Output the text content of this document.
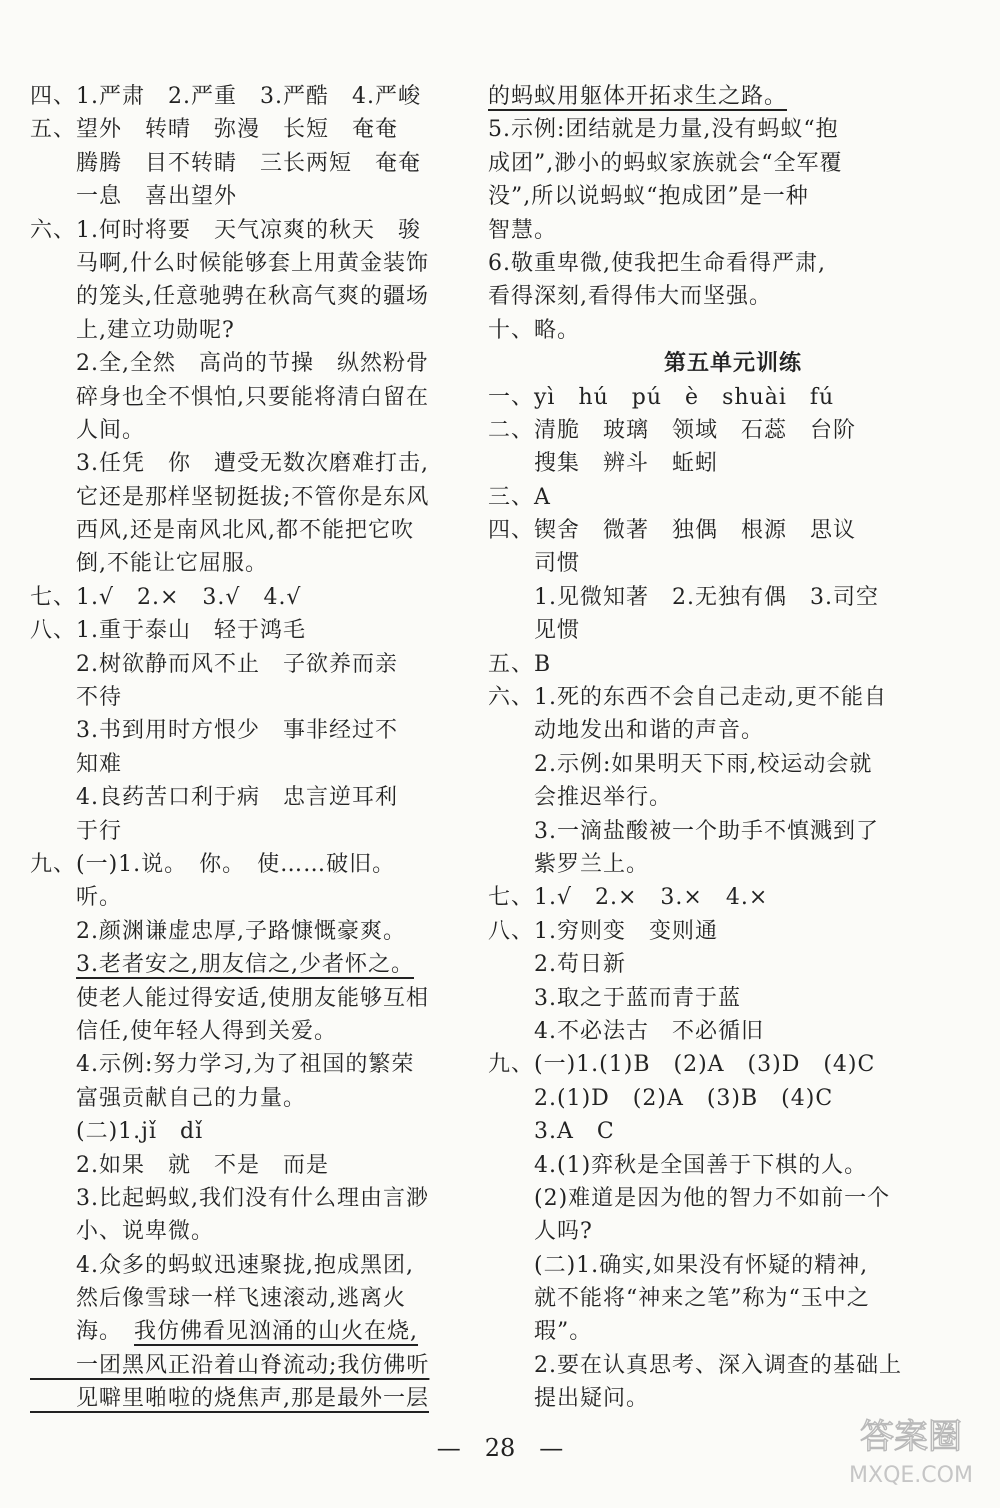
四、1.严肃　2.严重　3.严酷　4.严峻
五、望外　转晴　弥漫　长短　奄奄
　　腾腾　目不转睛　三长两短　奄奄
　　一息　喜出望外
六、1.何时将要　天气凉爽的秋天　骏
　　马啊,什么时候能够套上用黄金装饰
　　的笼头,任意驰骋在秋高气爽的疆场
　　上,建立功勋呢?
　　2.全,全然　高尚的节操　纵然粉骨
　　碎身也全不惧怕,只要能将清白留在
　　人间。
　　3.任凭　你　遭受无数次磨难打击,
　　它还是那样坚韧挺拔;不管你是东风
　　西风,还是南风北风,都不能把它吹
　　倒,不能让它屈服。
七、1.√　2.×　3.√　4.√
八、1.重于泰山　轻于鸿毛
　　2.树欲静而风不止　子欲养而亲
　　不待
　　3.书到用时方恨少　事非经过不
　　知难
　　4.良药苦口利于病　忠言逆耳利
　　于行
九、(一)1.说。　你。　使……破旧。
　　听。
　　2.颜渊谦虚忠厚,子路慷慨豪爽。
　　3.老者安之,朋友信之,少者怀之。
　　使老人能过得安适,使朋友能够互相
　　信任,使年轻人得到关爱。
　　4.示例:努力学习,为了祖国的繁荣
　　富强贡献自己的力量。
　　(二)1.jǐ　dǐ
　　2.如果　就　不是　而是
　　3.比起蚂蚁,我们没有什么理由言渺
　　小、说卑微。
　　4.众多的蚂蚁迅速聚拢,抱成黑团,
　　然后像雪球一样飞速滚动,逃离火
　　海。　我仿佛看见汹涌的山火在烧,
　　一团黑风正沿着山脊流动;我仿佛听
　　见噼里啪啦的烧焦声,那是最外一层
的蚂蚁用躯体开拓求生之路。
5.示例:团结就是力量,没有蚂蚁“抱
成团”,渺小的蚂蚁家族就会“全军覆
没”,所以说蚂蚁“抱成团”是一种
智慧。
6.敬重卑微,使我把生命看得严肃,
看得深刻,看得伟大而坚强。
十、略。
第五单元训练
一、yì　hú　pú　è　shuài　fú
二、清脆　玻璃　领域　石蕊　台阶
　　搜集　辨斗　蚯蚓
三、A
四、锲舍　微著　独偶　根源　思议
　　司惯
　　1.见微知著　2.无独有偶　3.司空
　　见惯
五、B
六、1.死的东西不会自己走动,更不能自
　　动地发出和谐的声音。
　　2.示例:如果明天下雨,校运动会就
　　会推迟举行。
　　3.一滴盐酸被一个助手不慎溅到了
　　紫罗兰上。
七、1.√　2.×　3.×　4.×
八、1.穷则变　变则通
　　2.苟日新
　　3.取之于蓝而青于蓝
　　4.不必法古　不必循旧
九、(一)1.(1)B　(2)A　(3)D　(4)C
　　2.(1)D　(2)A　(3)B　(4)C
　　3.A　C
　　4.(1)弈秋是全国善于下棋的人。
　　(2)难道是因为他的智力不如前一个
　　人吗?
　　(二)1.确实,如果没有怀疑的精神,
　　就不能将“神来之笔”称为“玉中之
　　瑕”。
　　2.要在认真思考、深入调查的基础上
　　提出疑问。
—　28　—	答案圈
MXQE.COM
